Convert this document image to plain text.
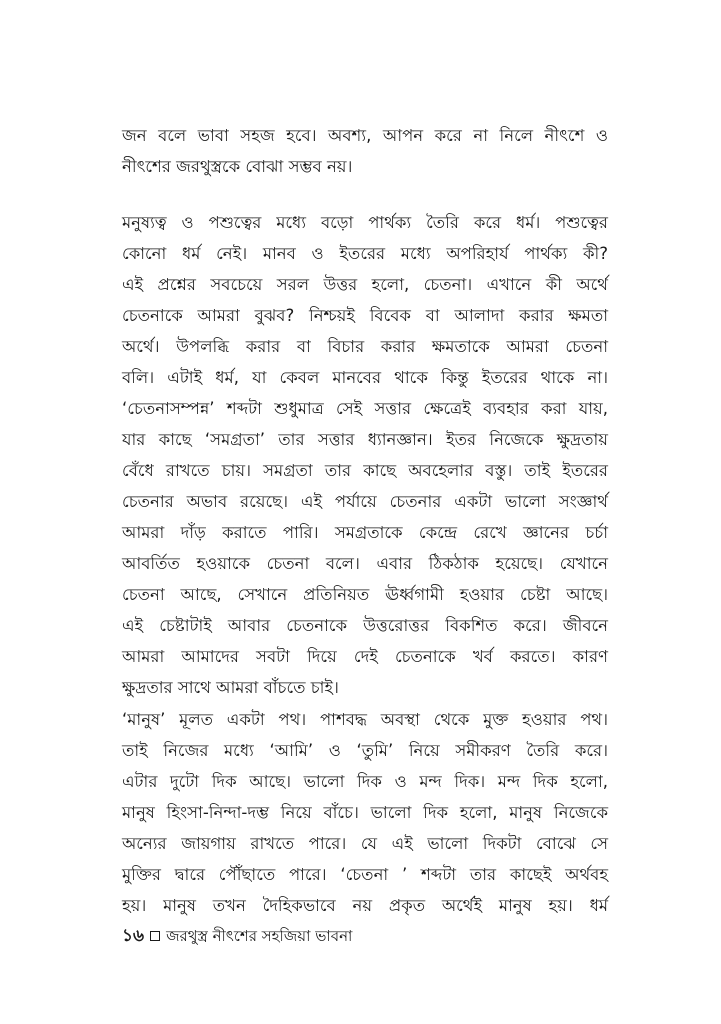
জন বলে ভাবা সহজ হবে। অবশ্য, আপন করে না নিলে নীৎশে ও
নীৎশের জরথুস্ত্রকে বোঝা সম্ভব নয়।
মনুষ্যত্ব ও পশুত্বের মধ্যে বড়ো পার্থক্য তৈরি করে ধর্ম। পশুত্বের
কোনো ধর্ম নেই। মানব ও ইতরের মধ্যে অপরিহার্য পার্থক্য কী?
এই প্রশ্নের সবচেয়ে সরল উত্তর হলো, চেতনা। এখানে কী অর্থে
চেতনাকে আমরা বুঝব? নিশ্চয়ই বিবেক বা আলাদা করার ক্ষমতা
অর্থে। উপলব্ধি করার বা বিচার করার ক্ষমতাকে আমরা চেতনা
বলি। এটাই ধর্ম, যা কেবল মানবের থাকে কিন্তু ইতরের থাকে না।
‘চেতনাসম্পন্ন’ শব্দটা শুধুমাত্র সেই সত্তার ক্ষেত্রেই ব্যবহার করা যায়,
যার কাছে ‘সমগ্রতা’ তার সত্তার ধ্যানজ্ঞান। ইতর নিজেকে ক্ষুদ্রতায়
বেঁধে রাখতে চায়। সমগ্রতা তার কাছে অবহেলার বস্তু। তাই ইতরের
চেতনার অভাব রয়েছে। এই পর্যায়ে চেতনার একটা ভালো সংজ্ঞার্থ
আমরা দাঁড় করাতে পারি। সমগ্রতাকে কেন্দ্রে রেখে জ্ঞানের চর্চা
আবর্তিত হওয়াকে চেতনা বলে। এবার ঠিকঠাক হয়েছে। যেখানে
চেতনা আছে, সেখানে প্রতিনিয়ত ঊর্ধ্বগামী হওয়ার চেষ্টা আছে।
এই চেষ্টাটাই আবার চেতনাকে উত্তরোত্তর বিকশিত করে। জীবনে
আমরা আমাদের সবটা দিয়ে দেই চেতনাকে খর্ব করতে। কারণ
ক্ষুদ্রতার সাথে আমরা বাঁচতে চাই।
‘মানুষ’ মূলত একটা পথ। পাশবদ্ধ অবস্থা থেকে মুক্ত হওয়ার পথ।
তাই নিজের মধ্যে ‘আমি’ ও ‘তুমি’ নিয়ে সমীকরণ তৈরি করে।
এটার দুটো দিক আছে। ভালো দিক ও মন্দ দিক। মন্দ দিক হলো,
মানুষ হিংসা-নিন্দা-দম্ভ নিয়ে বাঁচে। ভালো দিক হলো, মানুষ নিজেকে
অন্যের জায়গায় রাখতে পারে। যে এই ভালো দিকটা বোঝে সে
মুক্তির দ্বারে পৌঁছাতে পারে। ‘চেতনা ’ শব্দটা তার কাছেই অর্থবহ
হয়। মানুষ তখন দৈহিকভাবে নয় প্রকৃত অর্থেই মানুষ হয়। ধর্ম
১৬ জরথুস্ত্র নীৎশের সহজিয়া ভাবনা
